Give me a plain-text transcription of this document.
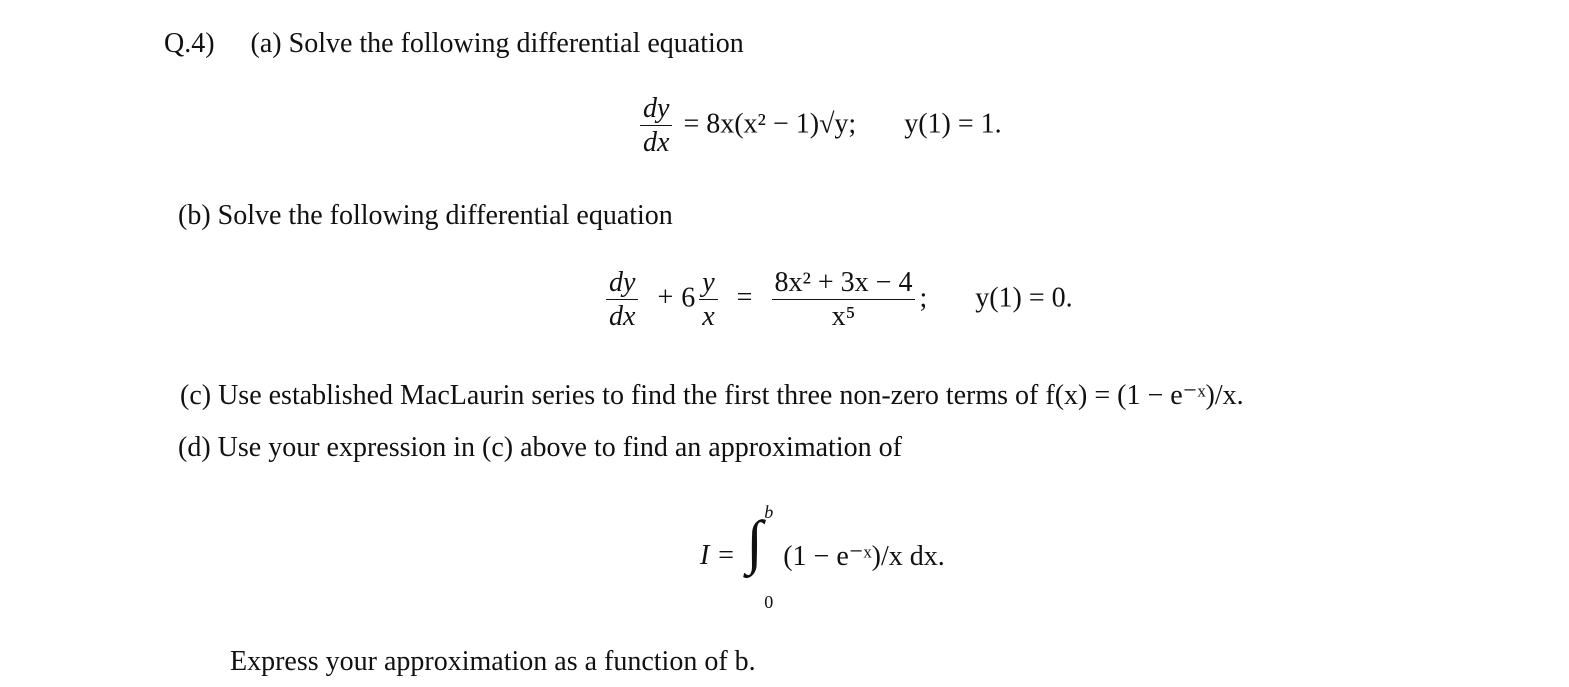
Q.4) (a) Solve the following differential equation
$\frac{dy}{dx} = 8x(x^2 - 1)√y$; y(1) = 1.
(b) Solve the following differential equation
$\frac{dy}{dx} + 6 \frac{y}{x} = \frac{\text{8x² + 3x − 4}}{\text{x⁵}}$ ; y(1) = 0.
(c) Use established MacLaurin series to find the first three non-zero terms of f(x) = (1 − e⁻ˣ)/x.
(d) Use your expression in (c) above to find an approximation of
I = ∫ b
0
(1 − e⁻ˣ)/x dx.
Express your approximation as a function of b.
